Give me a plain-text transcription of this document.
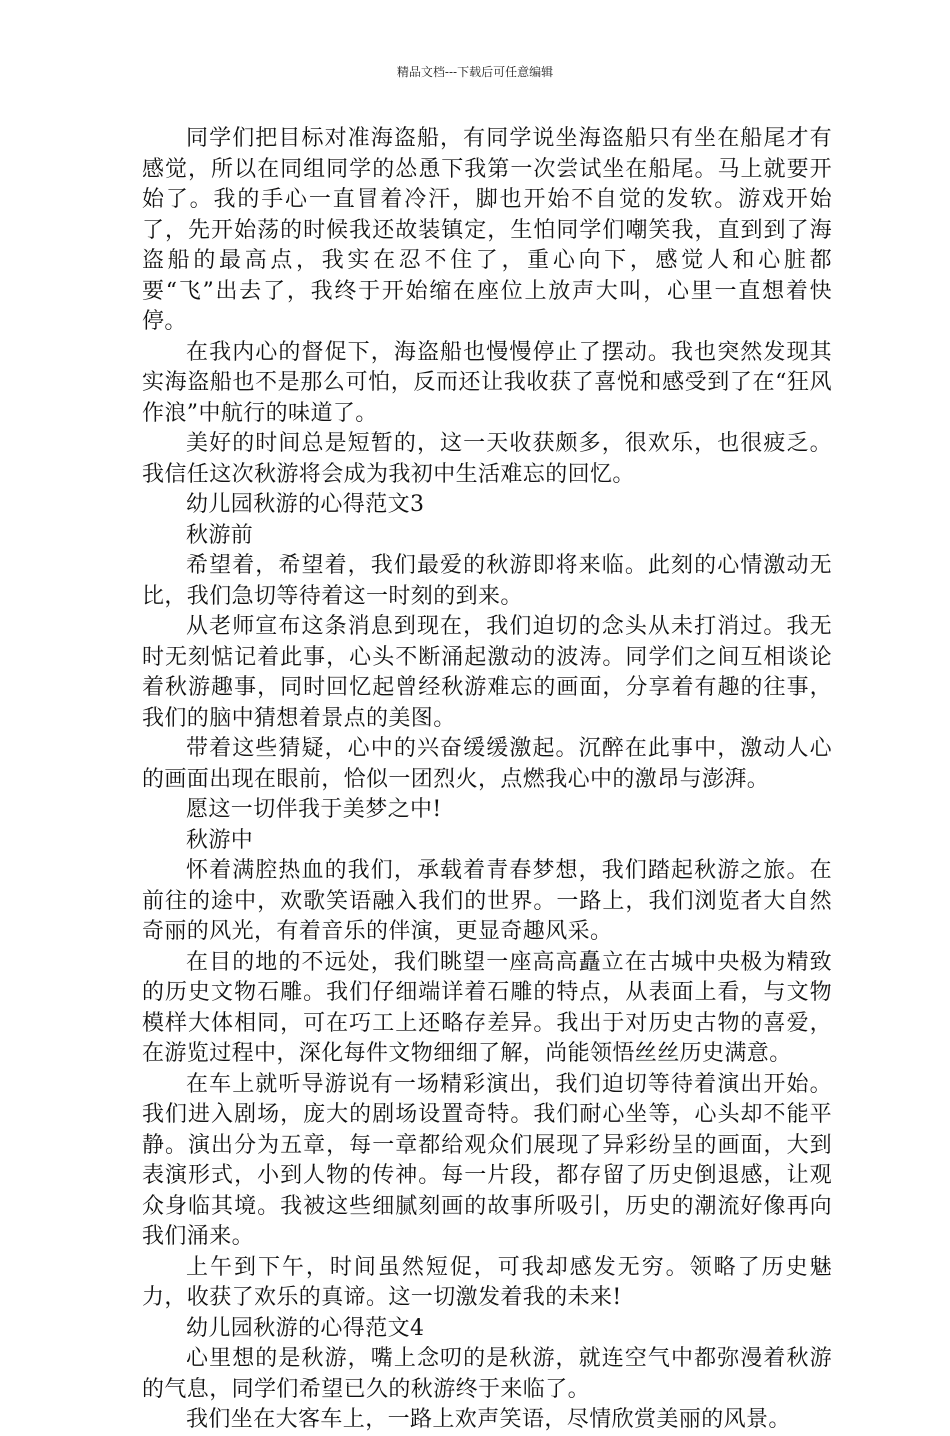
精品文档---下载后可任意编辑

同学们把目标对准海盗船，有同学说坐海盗船只有坐在船尾才有感觉，所以在同组同学的怂恿下我第一次尝试坐在船尾。马上就要开始了。我的手心一直冒着冷汗，脚也开始不自觉的发软。游戏开始了，先开始荡的时候我还故装镇定，生怕同学们嘲笑我，直到到了海盗船的最高点，我实在忍不住了，重心向下，感觉人和心脏都要“飞”出去了，我终于开始缩在座位上放声大叫，心里一直想着快停。

在我内心的督促下，海盗船也慢慢停止了摆动。我也突然发现其实海盗船也不是那么可怕，反而还让我收获了喜悦和感受到了在“狂风作浪”中航行的味道了。

美好的时间总是短暂的，这一天收获颇多，很欢乐，也很疲乏。我信任这次秋游将会成为我初中生活难忘的回忆。

幼儿园秋游的心得范文3

秋游前

希望着，希望着，我们最爱的秋游即将来临。此刻的心情激动无比，我们急切等待着这一时刻的到来。

从老师宣布这条消息到现在，我们迫切的念头从未打消过。我无时无刻惦记着此事，心头不断涌起激动的波涛。同学们之间互相谈论着秋游趣事，同时回忆起曾经秋游难忘的画面，分享着有趣的往事，我们的脑中猜想着景点的美图。

带着这些猜疑，心中的兴奋缓缓激起。沉醉在此事中，激动人心的画面出现在眼前，恰似一团烈火，点燃我心中的激昂与澎湃。

愿这一切伴我于美梦之中!

秋游中

怀着满腔热血的我们，承载着青春梦想，我们踏起秋游之旅。在前往的途中，欢歌笑语融入我们的世界。一路上，我们浏览者大自然奇丽的风光，有着音乐的伴演，更显奇趣风采。

在目的地的不远处，我们眺望一座高高矗立在古城中央极为精致的历史文物石雕。我们仔细端详着石雕的特点，从表面上看，与文物模样大体相同，可在巧工上还略存差异。我出于对历史古物的喜爱，在游览过程中，深化每件文物细细了解，尚能领悟丝丝历史满意。

在车上就听导游说有一场精彩演出，我们迫切等待着演出开始。我们进入剧场，庞大的剧场设置奇特。我们耐心坐等，心头却不能平静。演出分为五章，每一章都给观众们展现了异彩纷呈的画面，大到表演形式，小到人物的传神。每一片段，都存留了历史倒退感，让观众身临其境。我被这些细腻刻画的故事所吸引，历史的潮流好像再向我们涌来。

上午到下午，时间虽然短促，可我却感发无穷。领略了历史魅力，收获了欢乐的真谛。这一切激发着我的未来!

幼儿园秋游的心得范文4

心里想的是秋游，嘴上念叨的是秋游，就连空气中都弥漫着秋游的气息，同学们希望已久的秋游终于来临了。

我们坐在大客车上，一路上欢声笑语，尽情欣赏美丽的风景。
